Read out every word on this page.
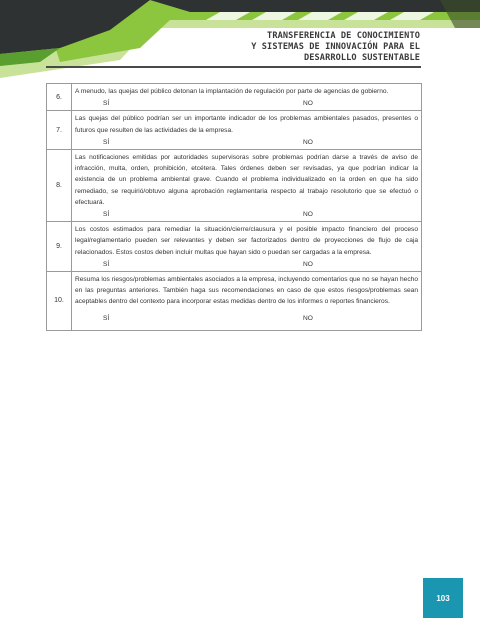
TRANSFERENCIA DE CONOCIMIENTO
Y SISTEMAS DE INNOVACIÓN PARA EL
DESARROLLO SUSTENTABLE
6.	A menudo, las quejas del público detonan la implantación de regulación por parte de agencias de gobierno.
SÍ NO

7.	Las quejas del público podrían ser un importante indicador de los problemas ambientales pasados, presentes o futuros que resulten de las actividades de la empresa.
SÍ NO

8.	Las notificaciones emitidas por autoridades supervisoras sobre problemas podrían darse a través de aviso de infracción, multa, orden, prohibición, etcétera. Tales órdenes deben ser revisadas, ya que podrían indicar la existencia de un problema ambiental grave. Cuando el problema individualizado en la orden en que ha sido remediado, se requirió/obtuvo alguna aprobación reglamentaria respecto al trabajo resolutorio que se efectuó o efectuará.
SÍ NO

9.	Los costos estimados para remediar la situación/cierre/clausura y el posible impacto financiero del proceso legal/reglamentario pueden ser relevantes y deben ser factorizados dentro de proyecciones de flujo de caja relacionados. Estos costos deben incluir multas que hayan sido o puedan ser cargadas a la empresa.
SÍ NO

10.	Resuma los riesgos/problemas ambientales asociados a la empresa, incluyendo comentarios que no se hayan hecho en las preguntas anteriores. También haga sus recomendaciones en caso de que estos riesgos/problemas sean aceptables dentro del contexto para incorporar estas medidas dentro de los informes o reportes financieros.
SÍ NO
103
